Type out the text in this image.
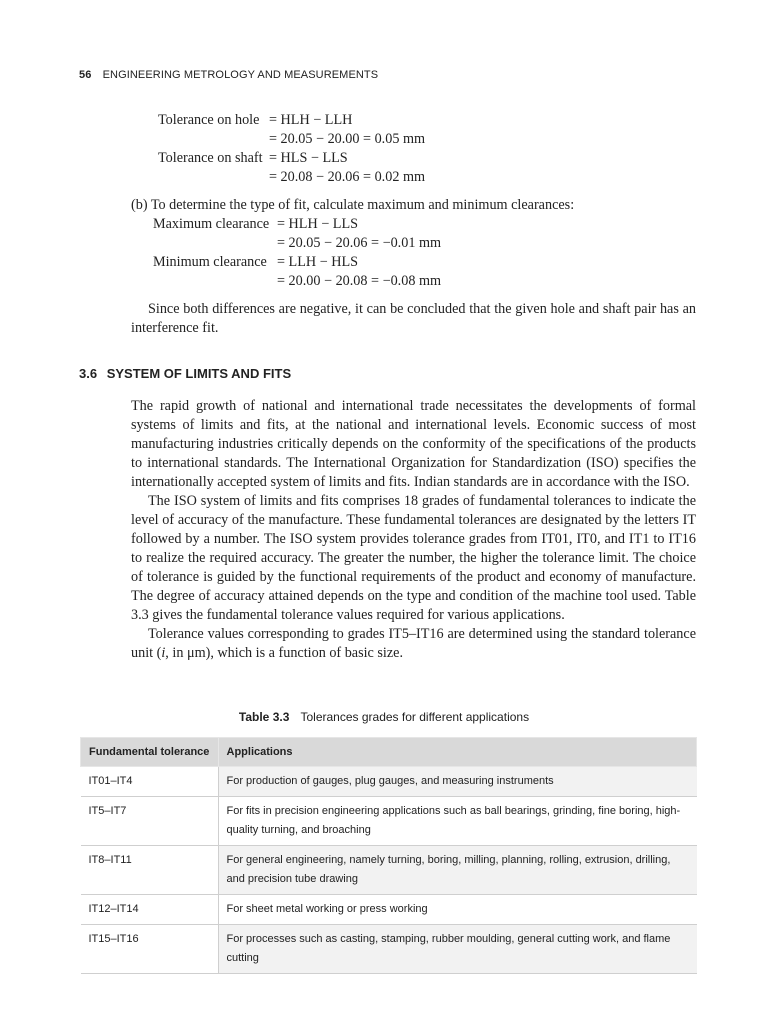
56 ENGINEERING METROLOGY AND MEASUREMENTS
Tolerance on hole = HLH − LLH
= 20.05 − 20.00 = 0.05 mm
Tolerance on shaft = HLS − LLS
= 20.08 − 20.06 = 0.02 mm
(b) To determine the type of fit, calculate maximum and minimum clearances:
Maximum clearance = HLH − LLS
= 20.05 − 20.06 = −0.01 mm
Minimum clearance = LLH − HLS
= 20.00 − 20.08 = −0.08 mm

Since both differences are negative, it can be concluded that the given hole and shaft pair has an interference fit.

3.6 SYSTEM OF LIMITS AND FITS

The rapid growth of national and international trade necessitates the developments of formal systems of limits and fits, at the national and international levels. Economic success of most manufacturing industries critically depends on the conformity of the specifications of the products to international standards. The International Organization for Standardization (ISO) specifies the internationally accepted system of limits and fits. Indian standards are in accordance with the ISO.

The ISO system of limits and fits comprises 18 grades of fundamental tolerances to indicate the level of accuracy of the manufacture. These fundamental tolerances are designated by the letters IT followed by a number. The ISO system provides tolerance grades from IT01, IT0, and IT1 to IT16 to realize the required accuracy. The greater the number, the higher the tolerance limit. The choice of tolerance is guided by the functional requirements of the product and economy of manufacture. The degree of accuracy attained depends on the type and condition of the machine tool used. Table 3.3 gives the fundamental tolerance values required for various applications.

Tolerance values corresponding to grades IT5–IT16 are determined using the standard tolerance unit (i, in μm), which is a function of basic size.

Table 3.3 Tolerances grades for different applications
Fundamental tolerance	Applications
IT01–IT4	For production of gauges, plug gauges, and measuring instruments
IT5–IT7	For fits in precision engineering applications such as ball bearings, grinding, fine boring, high-quality turning, and broaching
IT8–IT11	For general engineering, namely turning, boring, milling, planning, rolling, extrusion, drilling, and precision tube drawing
IT12–IT14	For sheet metal working or press working
IT15–IT16	For processes such as casting, stamping, rubber moulding, general cutting work, and flame cutting
